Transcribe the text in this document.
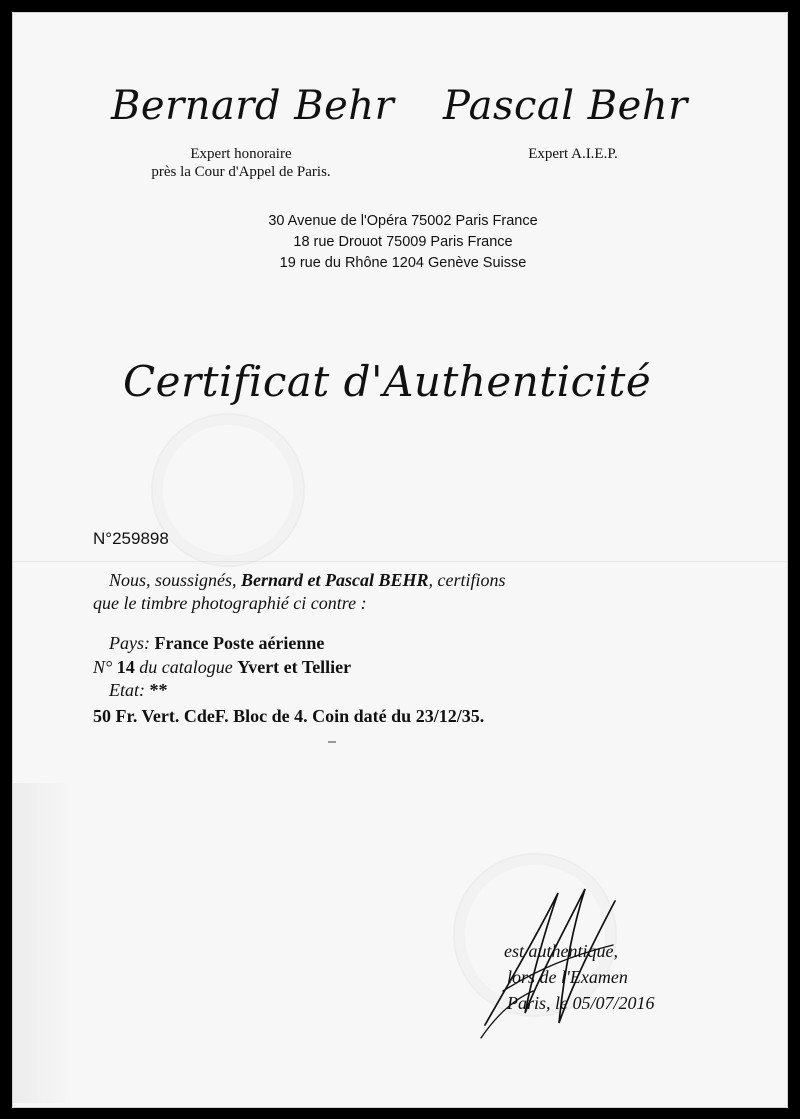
Bernard Behr Pascal Behr
Expert honoraire
près la Cour d'Appel de Paris.
Expert A.I.E.P.
30 Avenue de l'Opéra 75002 Paris France
18 rue Drouot 75009 Paris France
19 rue du Rhône 1204 Genève Suisse
Certificat d'Authenticité
N°259898
Nous, soussignés, Bernard et Pascal BEHR, certifions
que le timbre photographié ci contre :
Pays: France Poste aérienne
N° 14 du catalogue Yvert et Tellier
Etat: **
50 Fr. Vert. CdeF. Bloc de 4. Coin daté du 23/12/35.
est authentique,
lors de l'Examen
Paris, le 05/07/2016
